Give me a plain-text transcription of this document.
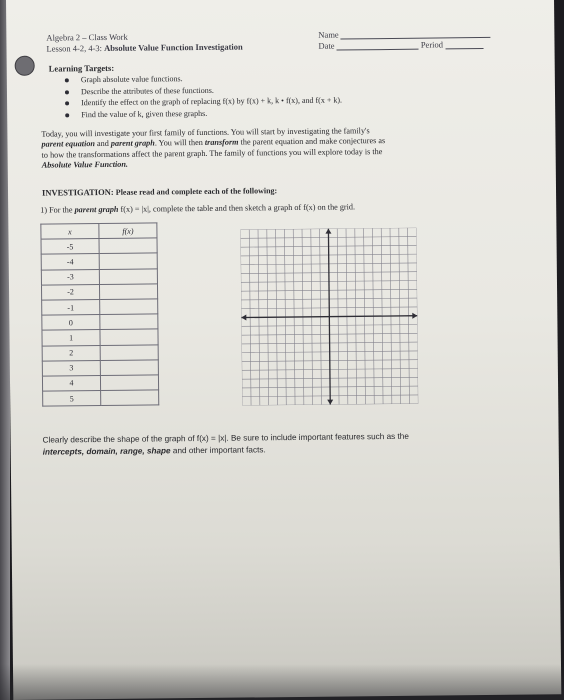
Algebra 2 – Class Work
Lesson 4-2, 4-3: Absolute Value Function Investigation
Name
Date	Period
Learning Targets:
Graph absolute value functions.
Describe the attributes of these functions.
Identify the effect on the graph of replacing f(x) by f(x) + k, k • f(x), and f(x + k).
Find the value of k, given these graphs.
Today, you will investigate your first family of functions. You will start by investigating the family's
parent equation and parent graph. You will then transform the parent equation and make conjectures as
to how the transformations affect the parent graph. The family of functions you will explore today is the
Absolute Value Function.
INVESTIGATION: Please read and complete each of the following:
1) For the parent graph f(x) = |x|, complete the table and then sketch a graph of f(x) on the grid.
x	f(x)
-5	
-4	
-3	
-2	
-1	
0	
1	
2	
3	
4	
5	
Clearly describe the shape of the graph of f(x) = |x|. Be sure to include important features such as the
intercepts, domain, range, shape and other important facts.
